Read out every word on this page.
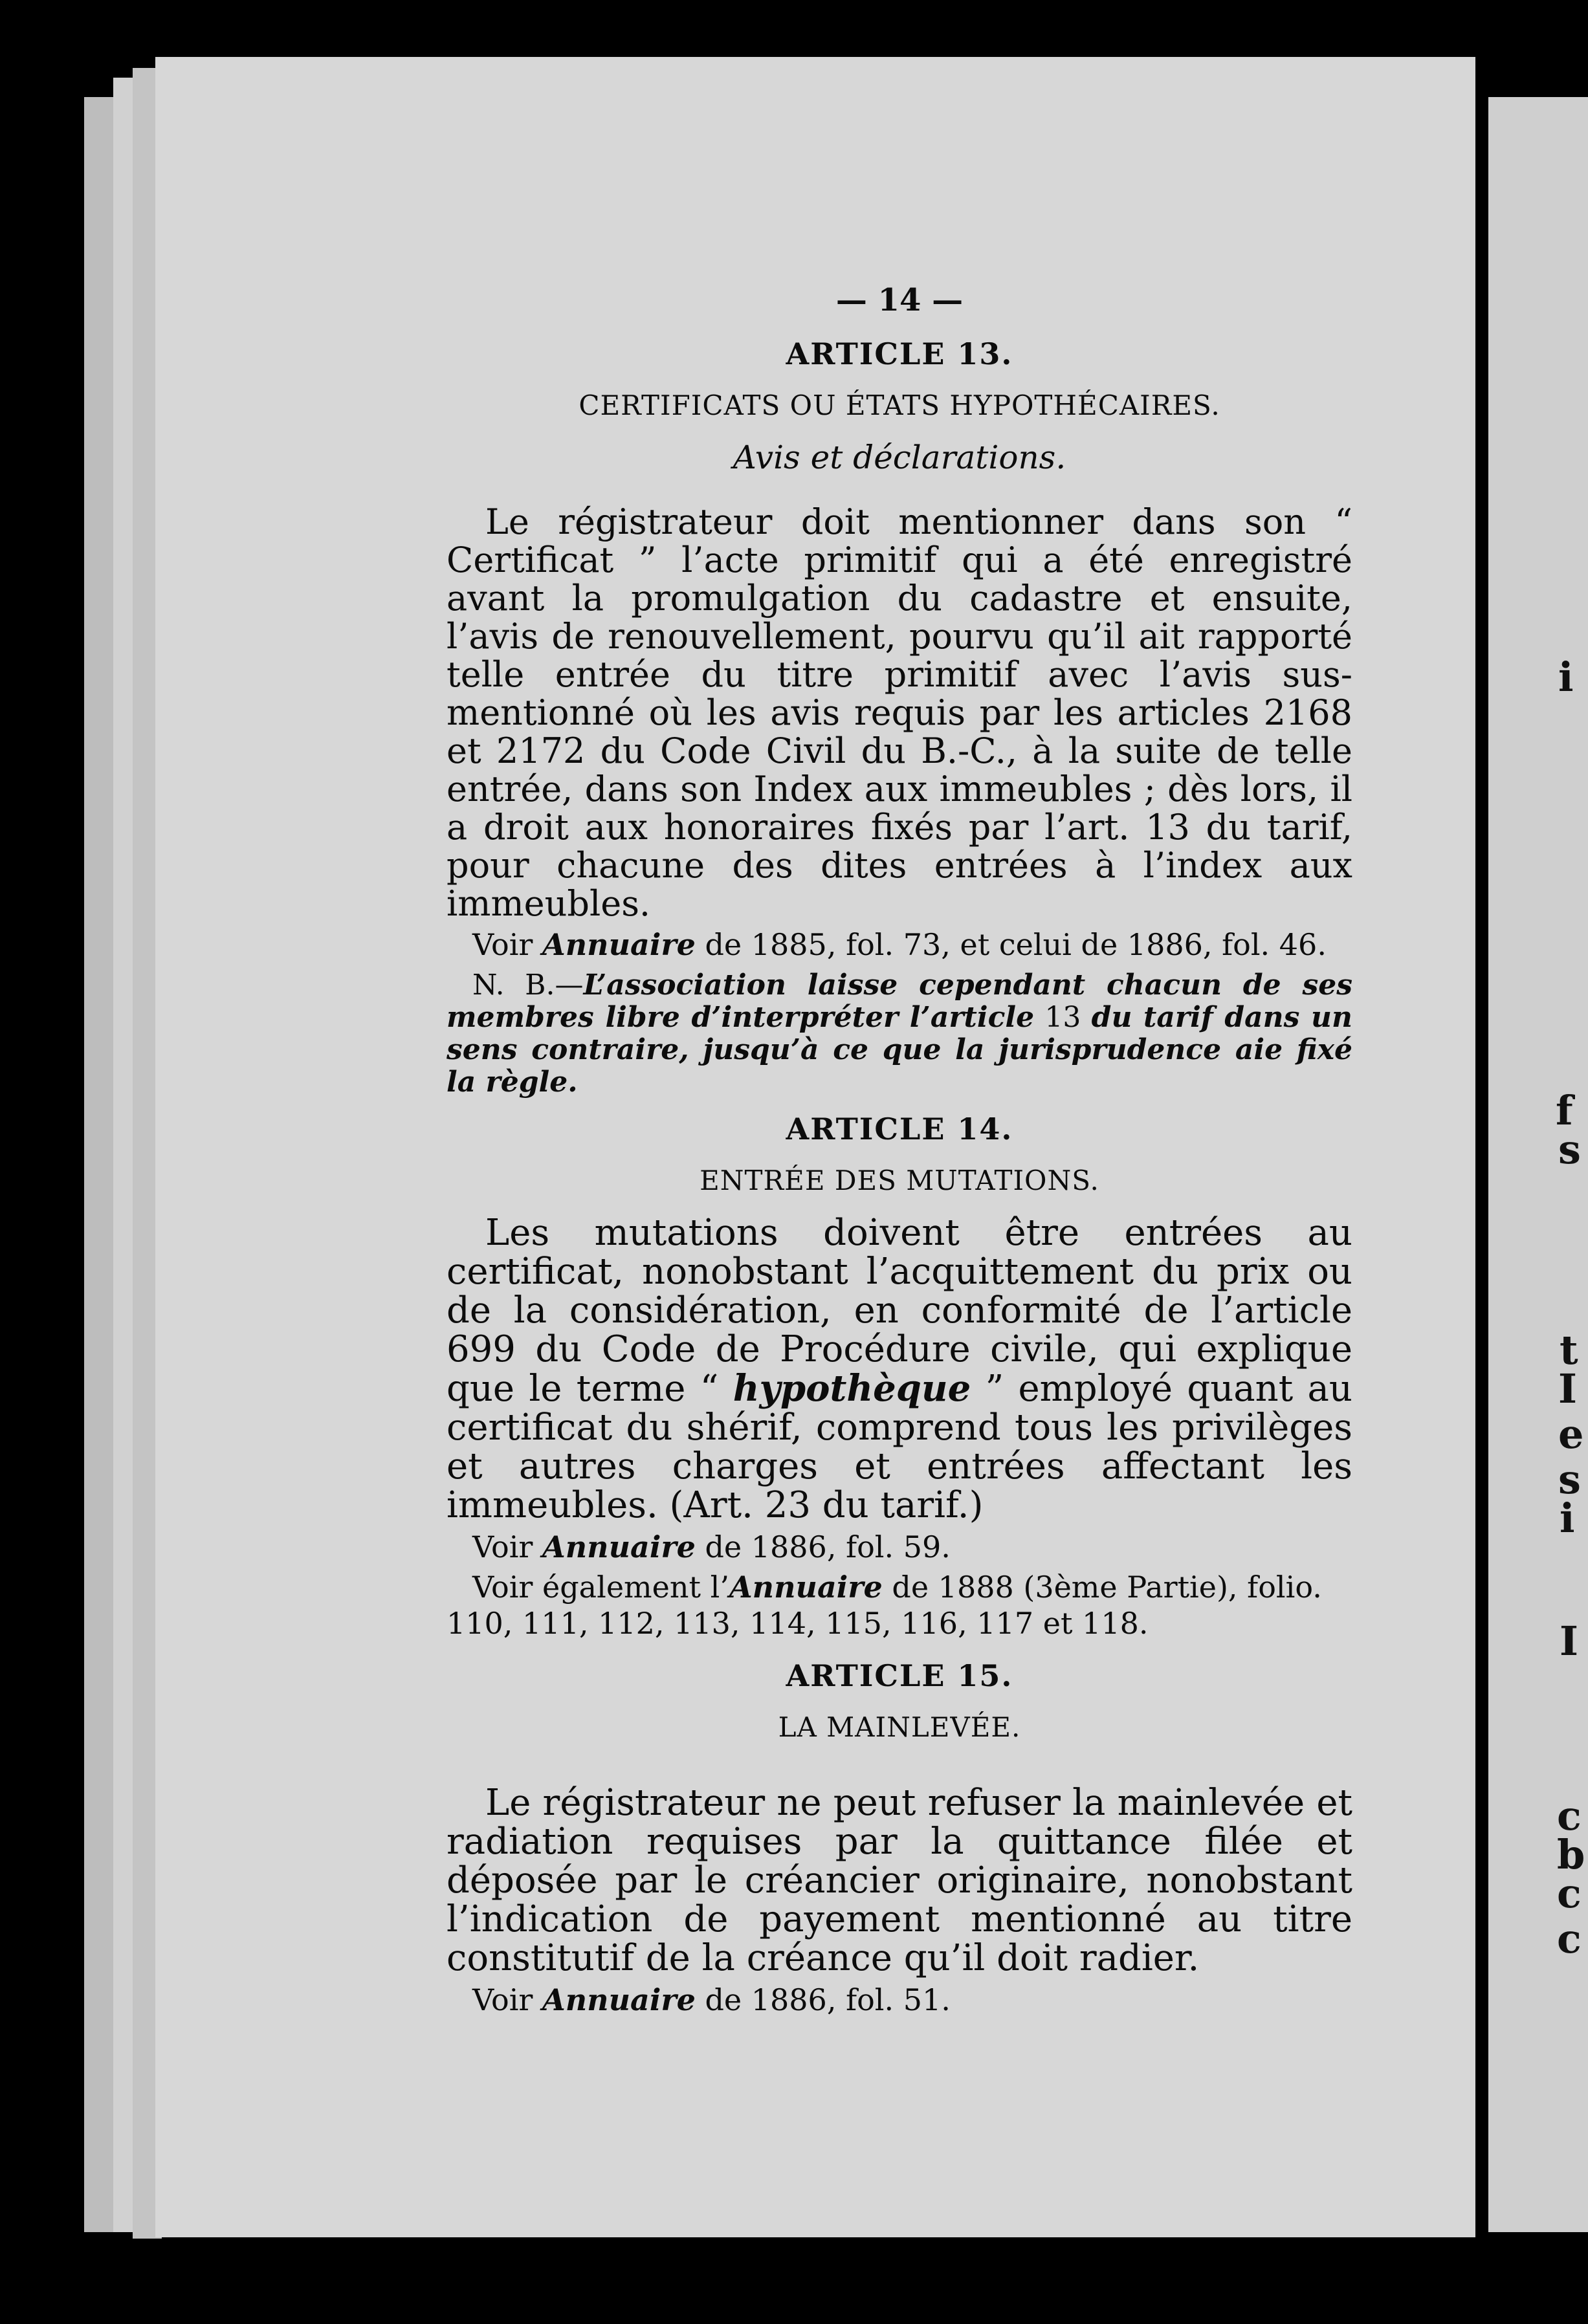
i
f
s
t
I
e
s
i
I
c
b
c
c
— 14 —
ARTICLE 13.
CERTIFICATS OU ÉTATS HYPOTHÉCAIRES.
Avis et déclarations.

Le régistrateur doit mentionner dans son “ Certificat ” l’acte primitif qui a été enregistré avant la promulgation du cadastre et ensuite, l’avis de renouvellement, pourvu qu’il ait rapporté telle entrée du titre primitif avec l’avis sus-mentionné où les avis requis par les articles 2168 et 2172 du Code Civil du B.-C., à la suite de telle entrée, dans son Index aux immeubles ; dès lors, il a droit aux honoraires fixés par l’art. 13 du tarif, pour chacune des dites entrées à l’index aux immeubles.

Voir Annuaire de 1885, fol. 73, et celui de 1886, fol. 46.

N. B.—L’association laisse cependant chacun de ses membres libre d’interpréter l’article 13 du tarif dans un sens contraire, jusqu’à ce que la jurisprudence aie fixé la règle.

ARTICLE 14.
ENTRÉE DES MUTATIONS.

Les mutations doivent être entrées au certificat, nonobstant l’acquittement du prix ou de la considération, en conformité de l’article 699 du Code de Procédure civile, qui explique que le terme “ hypothèque ” employé quant au certificat du shérif, comprend tous les privilèges et autres charges et entrées affectant les immeubles. (Art. 23 du tarif.)

Voir Annuaire de 1886, fol. 59.

Voir également l’Annuaire de 1888 (3ème Partie), folio. 110, 111, 112, 113, 114, 115, 116, 117 et 118.

ARTICLE 15.
LA MAINLEVÉE.

Le régistrateur ne peut refuser la mainlevée et radiation requises par la quittance filée et déposée par le créancier originaire, nonobstant l’indication de payement mentionné au titre constitutif de la créance qu’il doit radier.

Voir Annuaire de 1886, fol. 51.
